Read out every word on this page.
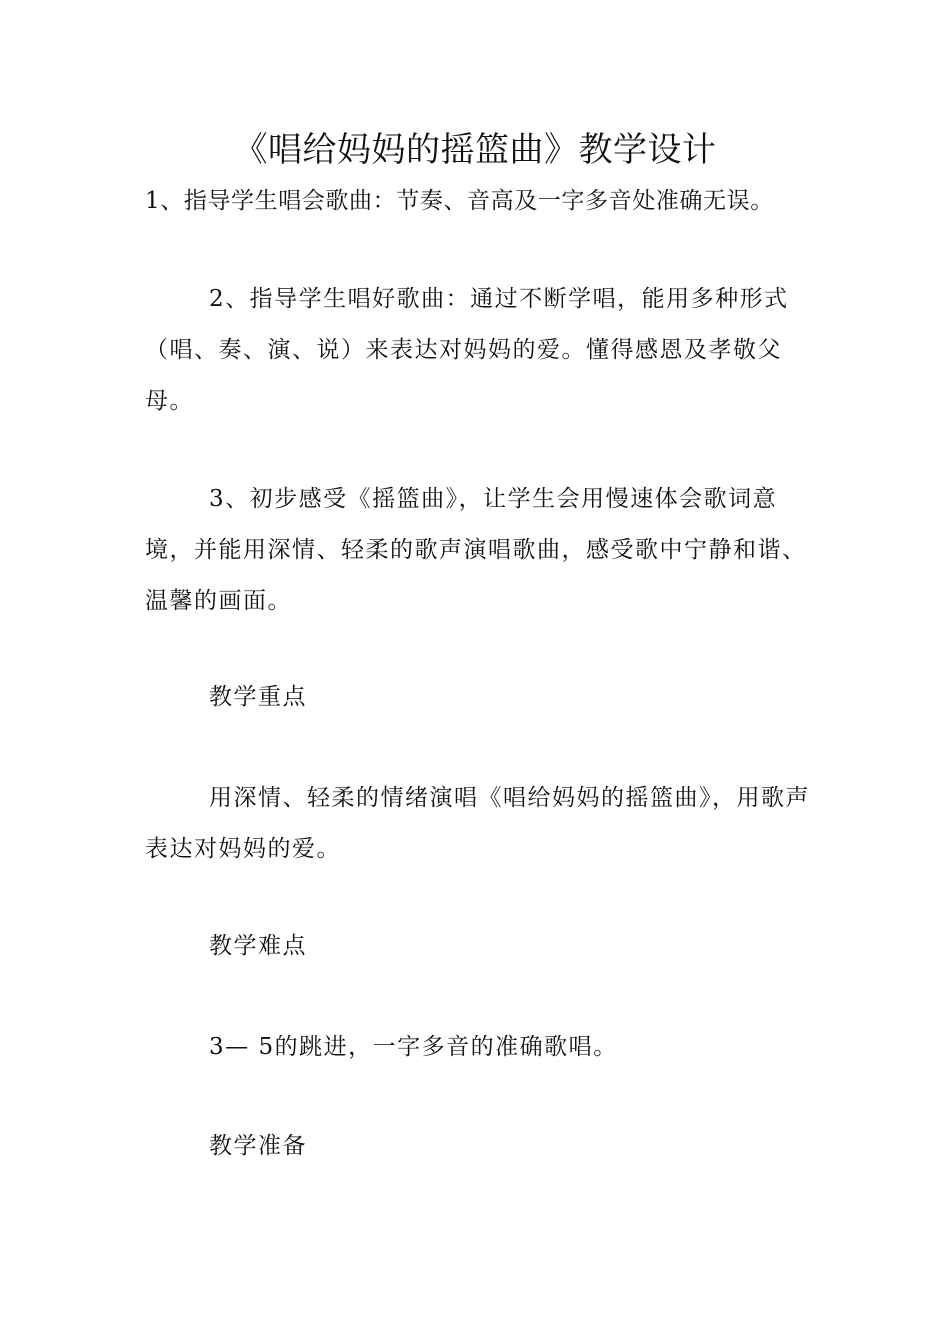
《唱给妈妈的摇篮曲》教学设计

1、指导学生唱会歌曲：节奏、音高及一字多音处准确无误。

2、指导学生唱好歌曲：通过不断学唱，能用多种形式（唱、奏、演、说）来表达对妈妈的爱。懂得感恩及孝敬父母。

3、初步感受《摇篮曲》，让学生会用慢速体会歌词意境，并能用深情、轻柔的歌声演唱歌曲，感受歌中宁静和谐、温馨的画面。

教学重点

用深情、轻柔的情绪演唱《唱给妈妈的摇篮曲》，用歌声表达对妈妈的爱。

教学难点
3— 5的跳进，一字多音的准确歌唱。
教学准备
